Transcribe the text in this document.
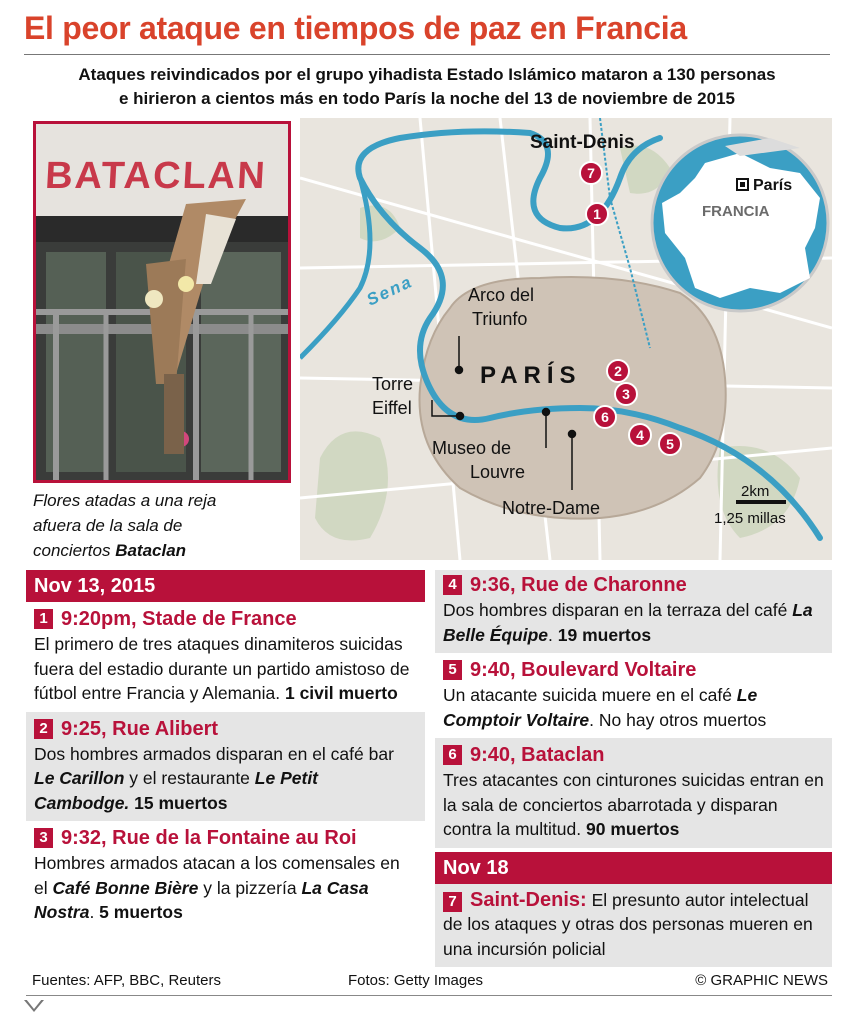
El peor ataque en tiempos de paz en Francia
Ataques reivindicados por el grupo yihadista Estado Islámico mataron a 130 personas
e hirieron a cientos más en todo París la noche del 13 de noviembre de 2015
BATACLAN
Flores atadas a una reja
afuera de la sala de
conciertos Bataclan
Sena
Saint-Denis
PARÍS
Arco del
Triunfo
Torre
Eiffel
Museo de
Louvre
Notre-Dame
7
1
2
3
6
4
5
2km
1,25 millas
París
FRANCIA
Nov 13, 2015
1 9:20pm, Stade de France
El primero de tres ataques dinamiteros suicidas fuera del estadio durante un partido amistoso de fútbol entre Francia y Alemania. 1 civil muerto
2 9:25, Rue Alibert
Dos hombres armados disparan en el café bar Le Carillon y el restaurante Le Petit Cambodge. 15 muertos
3 9:32, Rue de la Fontaine au Roi
Hombres armados atacan a los comensales en el Café Bonne Bière y la pizzería La Casa Nostra. 5 muertos
4 9:36, Rue de Charonne
Dos hombres disparan en la terraza del café La Belle Équipe. 19 muertos
5 9:40, Boulevard Voltaire
Un atacante suicida muere en el café Le Comptoir Voltaire. No hay otros muertos
6 9:40, Bataclan
Tres atacantes con cinturones suicidas entran en la sala de conciertos abarrotada y disparan contra la multitud. 90 muertos
Nov 18
7 Saint-Denis: El presunto autor intelectual de los ataques y otras dos personas mueren en una incursión policial
Fuentes: AFP, BBC, Reuters	Fotos: Getty Images	© GRAPHIC NEWS
